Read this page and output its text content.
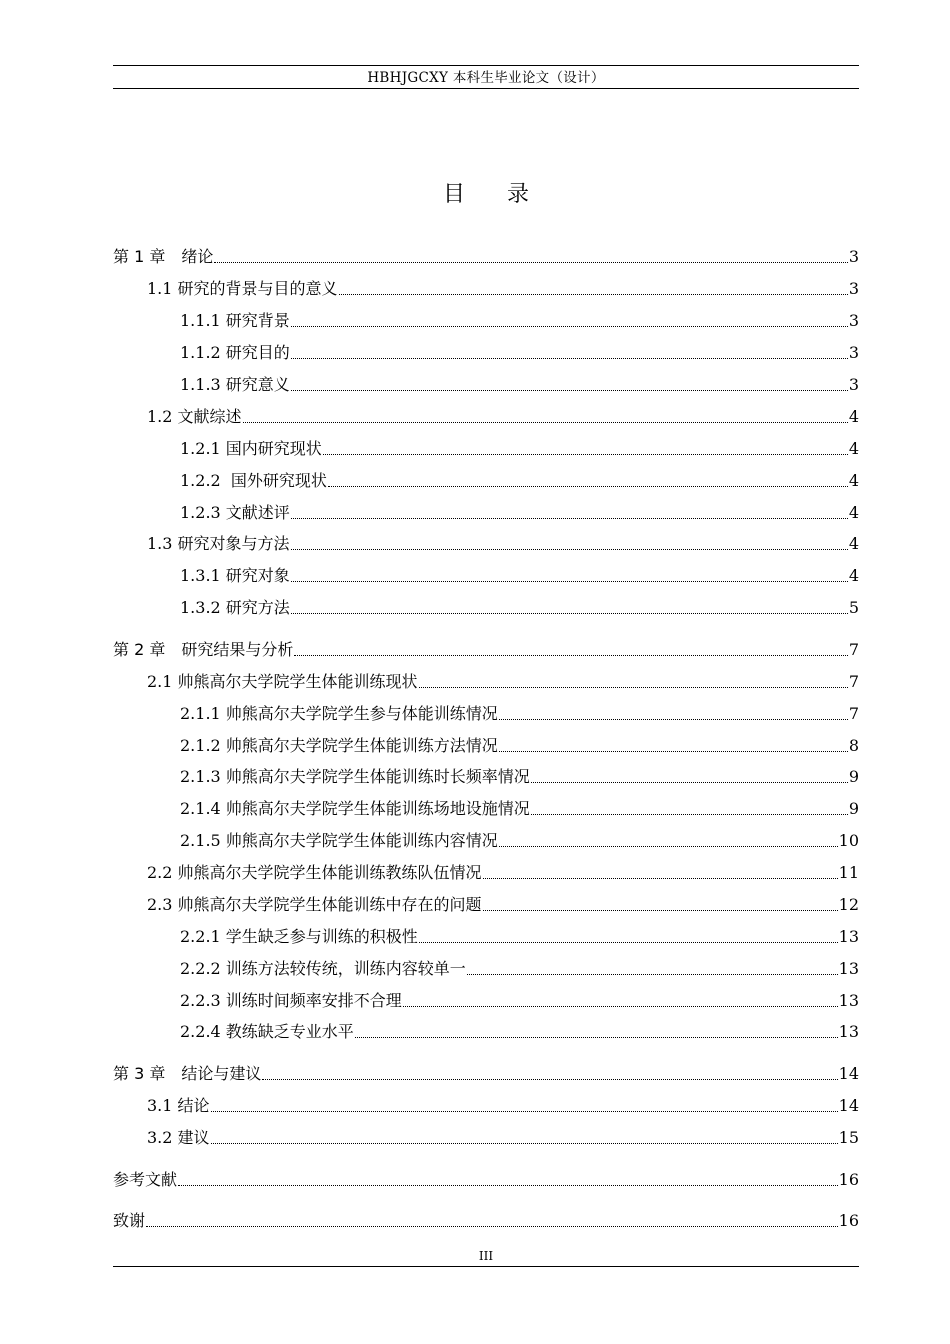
HBHJGCXY 本科生毕业论文（设计）
目录
第 1 章　绪论	3
1.1 研究的背景与目的意义	3
1.1.1 研究背景	3
1.1.2 研究目的	3
1.1.3 研究意义	3
1.2 文献综述	4
1.2.1 国内研究现状	4
1.2.2  国外研究现状	4
1.2.3 文献述评	4
1.3 研究对象与方法	4
1.3.1 研究对象	4
1.3.2 研究方法	5
第 2 章　研究结果与分析	7
2.1 帅熊高尔夫学院学生体能训练现状	7
2.1.1 帅熊高尔夫学院学生参与体能训练情况	7
2.1.2 帅熊高尔夫学院学生体能训练方法情况	8
2.1.3 帅熊高尔夫学院学生体能训练时长频率情况	9
2.1.4 帅熊高尔夫学院学生体能训练场地设施情况	9
2.1.5 帅熊高尔夫学院学生体能训练内容情况	10
2.2 帅熊高尔夫学院学生体能训练教练队伍情况	11
2.3 帅熊高尔夫学院学生体能训练中存在的问题	12
2.2.1 学生缺乏参与训练的积极性	13
2.2.2 训练方法较传统，训练内容较单一	13
2.2.3 训练时间频率安排不合理	13
2.2.4 教练缺乏专业水平	13
第 3 章　结论与建议	14
3.1 结论	14
3.2 建议	15
参考文献	16
致谢	16
III
